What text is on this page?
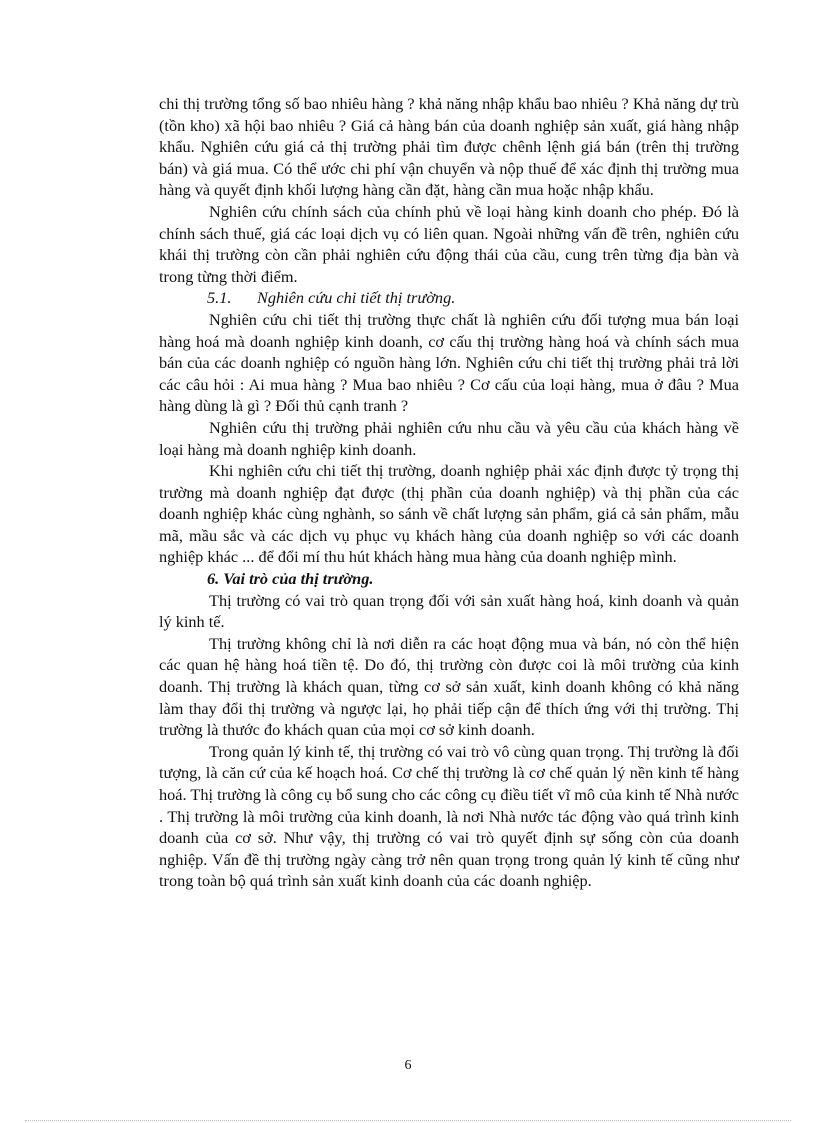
chi thị trường tổng số bao nhiêu hàng ? khả năng nhập khẩu bao nhiêu ? Khả năng dự trù (tồn kho) xã hội bao nhiêu ? Giá cả hàng bán của doanh nghiệp sản xuất, giá hàng nhập khẩu. Nghiên cứu giá cả thị trường phải tìm được chênh lệnh giá bán (trên thị trường bán) và giá mua. Có thể ước chi phí vận chuyển và nộp thuế để xác định thị trường mua hàng và quyết định khối lượng hàng cần đặt, hàng cần mua hoặc nhập khẩu.

Nghiên cứu chính sách của chính phủ về loại hàng kinh doanh cho phép. Đó là chính sách thuế, giá các loại dịch vụ có liên quan. Ngoài những vấn đề trên, nghiên cứu khái thị trường còn cần phải nghiên cứu động thái của cầu, cung trên từng địa bàn và trong từng thời điểm.

5.1. Nghiên cứu chi tiết thị trường.

Nghiên cứu chi tiết thị trường thực chất là nghiên cứu đối tượng mua bán loại hàng hoá mà doanh nghiệp kinh doanh, cơ cấu thị trường hàng hoá và chính sách mua bán của các doanh nghiệp có nguồn hàng lớn. Nghiên cứu chi tiết thị trường phải trả lời các câu hỏi : Ai mua hàng ? Mua bao nhiêu ? Cơ cấu của loại hàng, mua ở đâu ? Mua hàng dùng là gì ? Đối thủ cạnh tranh ?

Nghiên cứu thị trường phải nghiên cứu nhu cầu và yêu cầu của khách hàng về loại hàng mà doanh nghiệp kinh doanh.

Khi nghiên cứu chi tiết thị trường, doanh nghiệp phải xác định được tỷ trọng thị trường mà doanh nghiệp đạt được (thị phần của doanh nghiệp) và thị phần của các doanh nghiệp khác cùng nghành, so sánh về chất lượng sản phẩm, giá cả sản phẩm, mẫu mã, mầu sắc và các dịch vụ phục vụ khách hàng của doanh nghiệp so với các doanh nghiệp khác ... để đổi mí thu hút khách hàng mua hàng của doanh nghiệp mình.

6. Vai trò của thị trường.

Thị trường có vai trò quan trọng đối với sản xuất hàng hoá, kinh doanh và quản lý kinh tế.

Thị trường không chỉ là nơi diễn ra các hoạt động mua và bán, nó còn thể hiện các quan hệ hàng hoá tiền tệ. Do đó, thị trường còn được coi là môi trường của kinh doanh. Thị trường là khách quan, từng cơ sở sản xuất, kinh doanh không có khả năng làm thay đổi thị trường và ngược lại, họ phải tiếp cận để thích ứng với thị trường. Thị trường là thước đo khách quan của mọi cơ sở kinh doanh.

Trong quản lý kinh tế, thị trường có vai trò vô cùng quan trọng. Thị trường là đối tượng, là căn cứ của kế hoạch hoá. Cơ chế thị trường là cơ chế quản lý nền kinh tế hàng hoá. Thị trường là công cụ bổ sung cho các công cụ điều tiết vĩ mô của kinh tế Nhà nước . Thị trường là môi trường của kinh doanh, là nơi Nhà nước tác động vào quá trình kinh doanh của cơ sở. Như vậy, thị trường có vai trò quyết định sự sống còn của doanh nghiệp. Vấn đề thị trường ngày càng trở nên quan trọng trong quản lý kinh tế cũng như trong toàn bộ quá trình sản xuất kinh doanh của các doanh nghiệp.

6
